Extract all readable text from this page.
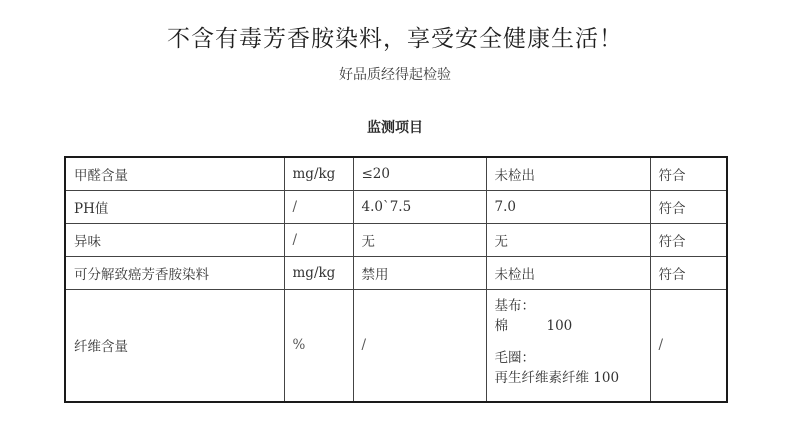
不含有毒芳香胺染料，享受安全健康生活！
好品质经得起检验
监测项目
甲醛含量	mg/kg	≤20	未检出	符合
PH值	/	4.0`7.5	7.0	符合
异味	/	无	无	符合
可分解致癌芳香胺染料	mg/kg	禁用	未检出	符合
纤维含量	%	/	基布：
棉 100
毛圈：
再生纤维素纤维 100	/
